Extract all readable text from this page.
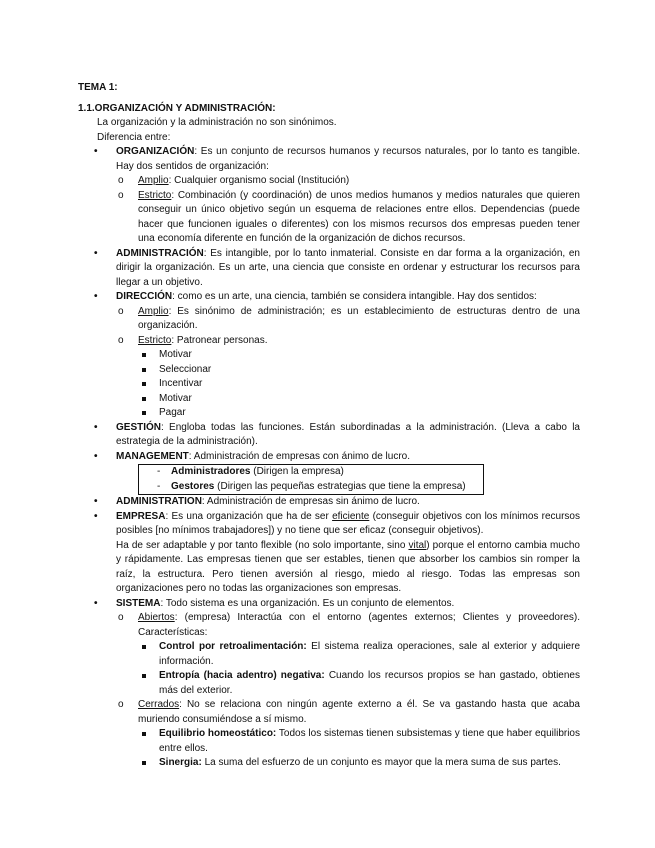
TEMA 1:
1.1.ORGANIZACIÓN Y ADMINISTRACIÓN:

La organización y la administración no son sinónimos.

Diferencia entre:

• ORGANIZACIÓN: Es un conjunto de recursos humanos y recursos naturales, por lo tanto es tangible. Hay dos sentidos de organización:
o Amplio: Cualquier organismo social (Institución)
o Estricto: Combinación (y coordinación) de unos medios humanos y medios naturales que quieren conseguir un único objetivo según un esquema de relaciones entre ellos. Dependencias (puede hacer que funcionen iguales o diferentes) con los mismos recursos dos empresas pueden tener una economía diferente en función de la organización de dichos recursos.
• ADMINISTRACIÓN: Es intangible, por lo tanto inmaterial. Consiste en dar forma a la organización, en dirigir la organización. Es un arte, una ciencia que consiste en ordenar y estructurar los recursos para llegar a un objetivo.
• DIRECCIÓN: como es un arte, una ciencia, también se considera intangible. Hay dos sentidos:
o Amplio: Es sinónimo de administración; es un establecimiento de estructuras dentro de una organización.
o Estricto: Patronear personas.
Motivar
Seleccionar
Incentivar
Motivar
Pagar
• GESTIÓN: Engloba todas las funciones. Están subordinadas a la administración. (Lleva a cabo la estrategia de la administración).
• MANAGEMENT: Administración de empresas con ánimo de lucro.
- Administradores (Dirigen la empresa)
- Gestores (Dirigen las pequeñas estrategias que tiene la empresa)
• ADMINISTRATION: Administración de empresas sin ánimo de lucro.
• EMPRESA: Es una organización que ha de ser eficiente (conseguir objetivos con los mínimos recursos posibles [no mínimos trabajadores]) y no tiene que ser eficaz (conseguir objetivos).
Ha de ser adaptable y por tanto flexible (no solo importante, sino vital) porque el entorno cambia mucho y rápidamente. Las empresas tienen que ser estables, tienen que absorber los cambios sin romper la raíz, la estructura. Pero tienen aversión al riesgo, miedo al riesgo. Todas las empresas son organizaciones pero no todas las organizaciones son empresas.
• SISTEMA: Todo sistema es una organización. Es un conjunto de elementos.
o Abiertos: (empresa) Interactúa con el entorno (agentes externos; Clientes y proveedores). Características:
Control por retroalimentación: El sistema realiza operaciones, sale al exterior y adquiere información.
Entropía (hacia adentro) negativa: Cuando los recursos propios se han gastado, obtienes más del exterior.
o Cerrados: No se relaciona con ningún agente externo a él. Se va gastando hasta que acaba muriendo consumiéndose a sí mismo.
Equilibrio homeostático: Todos los sistemas tienen subsistemas y tiene que haber equilibrios entre ellos.
Sinergia: La suma del esfuerzo de un conjunto es mayor que la mera suma de sus partes.
